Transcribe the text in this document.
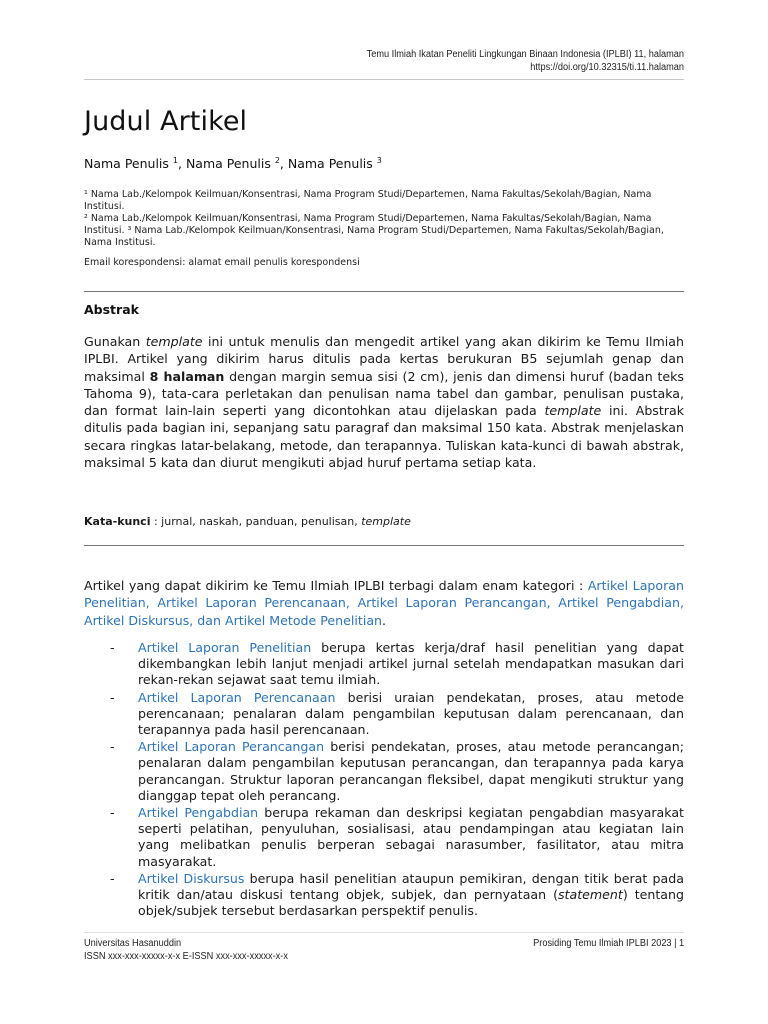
Temu Ilmiah Ikatan Peneliti Lingkungan Binaan Indonesia (IPLBI) 11, halaman
https://doi.org/10.32315/ti.11.halaman
Judul Artikel
Nama Penulis $^1$, Nama Penulis $^2$, Nama Penulis $^3$
¹ Nama Lab./Kelompok Keilmuan/Konsentrasi, Nama Program Studi/Departemen, Nama Fakultas/Sekolah/Bagian, Nama Institusi.
² Nama Lab./Kelompok Keilmuan/Konsentrasi, Nama Program Studi/Departemen, Nama Fakultas/Sekolah/Bagian, Nama Institusi. ³ Nama Lab./Kelompok Keilmuan/Konsentrasi, Nama Program Studi/Departemen, Nama Fakultas/Sekolah/Bagian, Nama Institusi.
Email korespondensi: alamat email penulis korespondensi
Abstrak

Gunakan template ini untuk menulis dan mengedit artikel yang akan dikirim ke Temu Ilmiah IPLBI. Artikel yang dikirim harus ditulis pada kertas berukuran B5 sejumlah genap dan maksimal 8 halaman dengan margin semua sisi (2 cm), jenis dan dimensi huruf (badan teks Tahoma 9), tata-cara perletakan dan penulisan nama tabel dan gambar, penulisan pustaka, dan format lain-lain seperti yang dicontohkan atau dijelaskan pada template ini. Abstrak ditulis pada bagian ini, sepanjang satu paragraf dan maksimal 150 kata. Abstrak menjelaskan secara ringkas latar-belakang, metode, dan terapannya. Tuliskan kata-kunci di bawah abstrak, maksimal 5 kata dan diurut mengikuti abjad huruf pertama setiap kata.

Kata-kunci : jurnal, naskah, panduan, penulisan, template

Artikel yang dapat dikirim ke Temu Ilmiah IPLBI terbagi dalam enam kategori : Artikel Laporan Penelitian, Artikel Laporan Perencanaan, Artikel Laporan Perancangan, Artikel Pengabdian, Artikel Diskursus, dan Artikel Metode Penelitian.

- Artikel Laporan Penelitian berupa kertas kerja/draf hasil penelitian yang dapat dikembangkan lebih lanjut menjadi artikel jurnal setelah mendapatkan masukan dari rekan-rekan sejawat saat temu ilmiah.
- Artikel Laporan Perencanaan berisi uraian pendekatan, proses, atau metode perencanaan; penalaran dalam pengambilan keputusan dalam perencanaan, dan terapannya pada hasil perencanaan.
- Artikel Laporan Perancangan berisi pendekatan, proses, atau metode perancangan; penalaran dalam pengambilan keputusan perancangan, dan terapannya pada karya perancangan. Struktur laporan perancangan fleksibel, dapat mengikuti struktur yang dianggap tepat oleh perancang.
- Artikel Pengabdian berupa rekaman dan deskripsi kegiatan pengabdian masyarakat seperti pelatihan, penyuluhan, sosialisasi, atau pendampingan atau kegiatan lain yang melibatkan penulis berperan sebagai narasumber, fasilitator, atau mitra masyarakat.
- Artikel Diskursus berupa hasil penelitian ataupun pemikiran, dengan titik berat pada kritik dan/atau diskusi tentang objek, subjek, dan pernyataan (statement) tentang objek/subjek tersebut berdasarkan perspektif penulis.
Universitas Hasanuddin
ISSN xxx-xxx-xxxxx-x-x E-ISSN xxx-xxx-xxxxx-x-x
Prosiding Temu Ilmiah IPLBI 2023 | 1
